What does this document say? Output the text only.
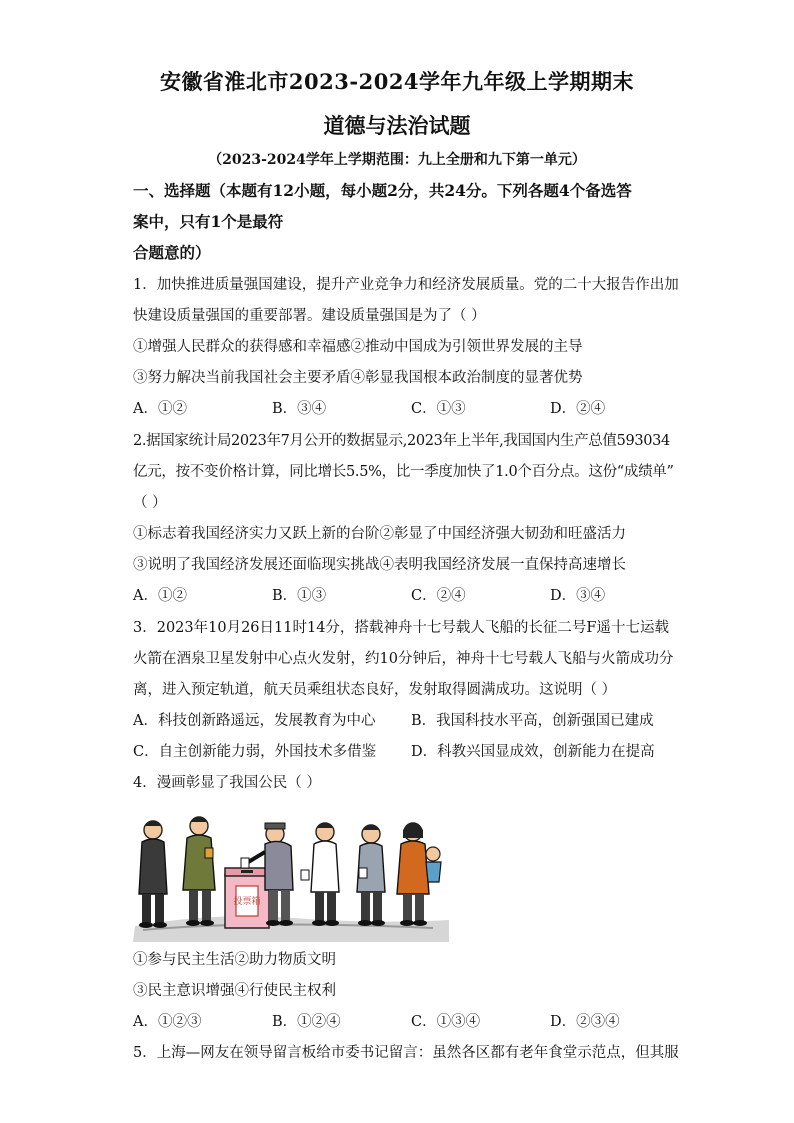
安徽省淮北市2023-2024学年九年级上学期期末
道德与法治试题
（2023-2024学年上学期范围：九上全册和九下第一单元）
一、选择题（本题有12小题，每小题2分，共24分。下列各题4个备选答
案中，只有1个是最符
合题意的）
1．加快推进质量强国建设，提升产业竞争力和经济发展质量。党的二十大报告作出加
快建设质量强国的重要部署。建设质量强国是为了（ ）
①增强人民群众的获得感和幸福感②推动中国成为引领世界发展的主导
③努力解决当前我国社会主要矛盾④彰显我国根本政治制度的显著优势
A．①②	B．③④	C．①③	D．②④
2.据国家统计局2023年7月公开的数据显示,2023年上半年,我国国内生产总值593034
亿元，按不变价格计算，同比增长5.5%，比一季度加快了1.0个百分点。这份“成绩单”
（ ）
①标志着我国经济实力又跃上新的台阶②彰显了中国经济强大韧劲和旺盛活力
③说明了我国经济发展还面临现实挑战④表明我国经济发展一直保持高速增长
A．①②	B．①③	C．②④	D．③④
3．2023年10月26日11时14分，搭载神舟十七号载人飞船的长征二号F遥十七运载
火箭在酒泉卫星发射中心点火发射，约10分钟后，神舟十七号载人飞船与火箭成功分
离，进入预定轨道，航天员乘组状态良好，发射取得圆满成功。这说明（ ）
A．科技创新路遥远，发展教育为中心 B．我国科技水平高，创新强国已建成
C．自主创新能力弱，外国技术多借鉴 D．科教兴国显成效，创新能力在提高
4．漫画彰显了我国公民（ ）
投票箱
①参与民主生活②助力物质文明
③民主意识增强④行使民主权利
A．①②③	B．①②④	C．①③④	D．②③④
5．上海—网友在领导留言板给市委书记留言：虽然各区都有老年食堂示范点，但其服
